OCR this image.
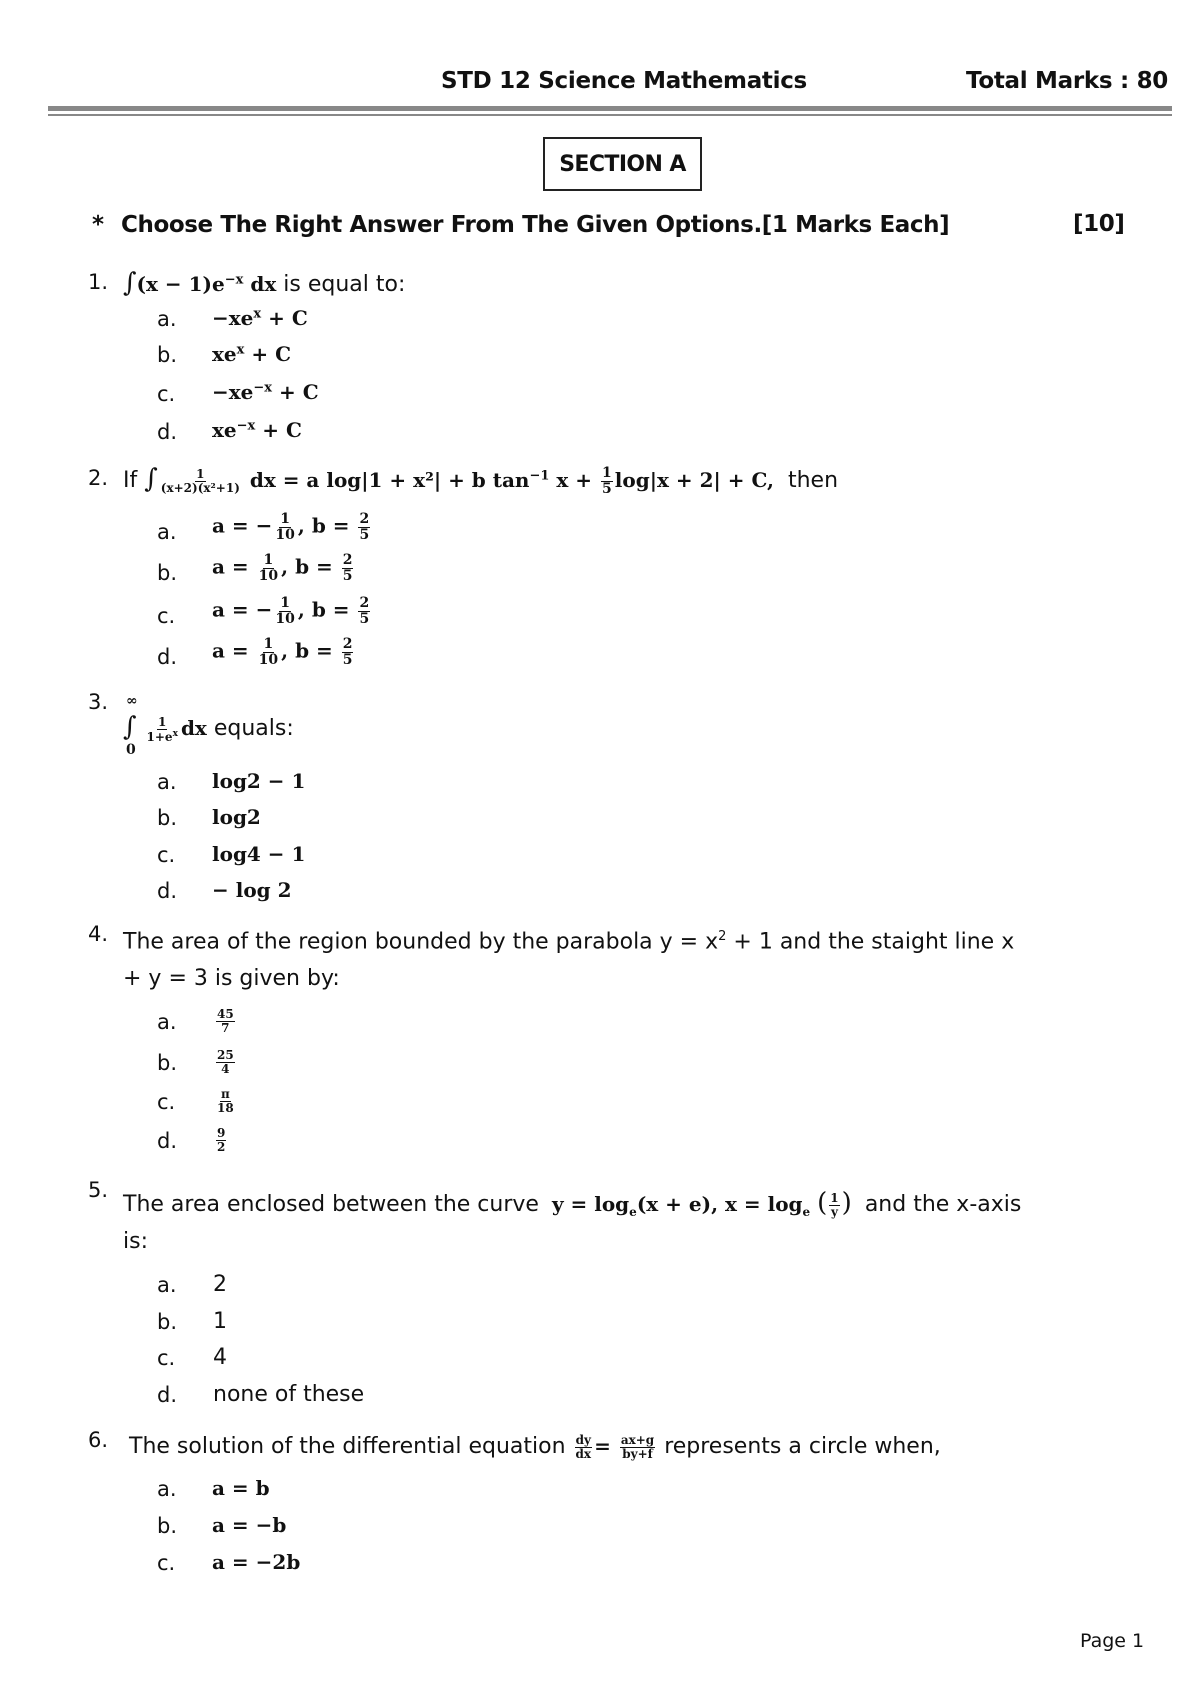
STD 12 Science Mathematics	Total Marks : 80
SECTION A
* Choose The Right Answer From The Given Options.[1 Marks Each]	[10]
1. $\int(x - 1)e^{-x}$ dx is equal to:
a. $-xe^x + C$
b. $xe^x + C$
c. $-xe^{-x} + C$
d. $xe^{-x} + C$
2. If ∫ $\frac{1}{\text{(x+2)(x²+1)}}$ dx = a log|1 + x²| + b $\tan^{-1} x + \frac{1}{5} \log|x + 2| + C$, then
a. a = − $\frac{1}{10}$ , $b = \frac{2}{5}$
b. $a = \frac{1}{10}$ , $b = \frac{2}{5}$
c. a = − $\frac{1}{10}$ , $b = \frac{2}{5}$
d. $a = \frac{1}{10}$ , $b = \frac{2}{5}$
3. ∞
0
∫ $\frac{1}{1+e^x}$ dx equals:
a. log2 − 1
b. log2
c. log4 − 1
d. − log 2
4. The area of the region bounded by the parabola $y = x^2 + 1$ and the staight line x
+ y = 3 is given by:
a.	$\frac{45}{7}$
b.	$\frac{25}{4}$
c.	$\frac{\pi}{18}$
d.	$\frac{9}{2}$
5.
The area enclosed between the curve $y = \log_e(x + e)$, $x = \log_e$ ( $\frac{1}{y}$ ) and the x-axis
is:
a. 2
b. 1
c. 4
d. none of these
6. The solution of the differential equation $\frac{dy}{dx} = \frac{ax+g}{by+f}$ represents a circle when,
a. a = b
b. a = −b
c. a = −2b
Page 1
